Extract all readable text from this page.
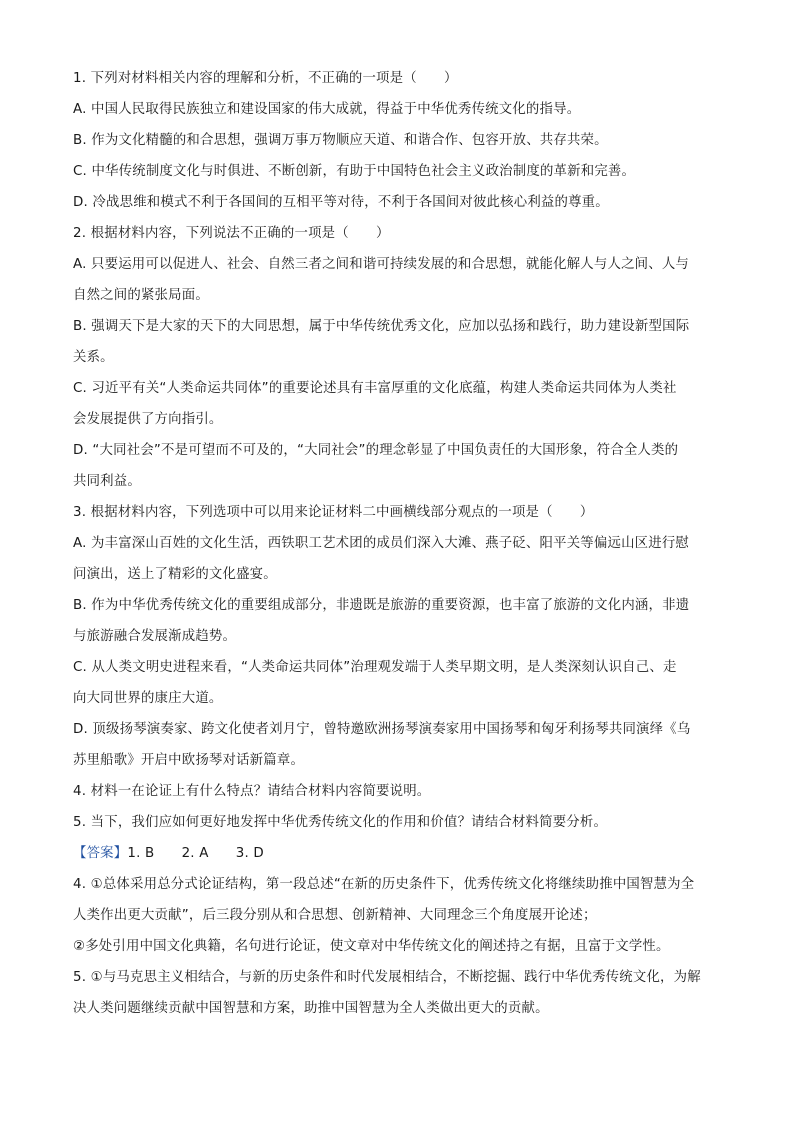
1. 下列对材料相关内容的理解和分析，不正确的一项是（　　）
A. 中国人民取得民族独立和建设国家的伟大成就，得益于中华优秀传统文化的指导。
B. 作为文化精髓的和合思想，强调万事万物顺应天道、和谐合作、包容开放、共存共荣。
C. 中华传统制度文化与时俱进、不断创新，有助于中国特色社会主义政治制度的革新和完善。
D. 冷战思维和模式不利于各国间的互相平等对待，不利于各国间对彼此核心利益的尊重。
2. 根据材料内容，下列说法不正确的一项是（　　）
A. 只要运用可以促进人、社会、自然三者之间和谐可持续发展的和合思想，就能化解人与人之间、人与
自然之间的紧张局面。
B. 强调天下是大家的天下的大同思想，属于中华传统优秀文化，应加以弘扬和践行，助力建设新型国际
关系。
C. 习近平有关“人类命运共同体”的重要论述具有丰富厚重的文化底蕴，构建人类命运共同体为人类社
会发展提供了方向指引。
D. “大同社会”不是可望而不可及的，“大同社会”的理念彰显了中国负责任的大国形象，符合全人类的
共同利益。
3. 根据材料内容，下列选项中可以用来论证材料二中画横线部分观点的一项是（　　）
A. 为丰富深山百姓的文化生活，西铁职工艺术团的成员们深入大滩、燕子砭、阳平关等偏远山区进行慰
问演出，送上了精彩的文化盛宴。
B. 作为中华优秀传统文化的重要组成部分，非遗既是旅游的重要资源，也丰富了旅游的文化内涵，非遗
与旅游融合发展渐成趋势。
C. 从人类文明史进程来看，“人类命运共同体”治理观发端于人类早期文明，是人类深刻认识自己、走
向大同世界的康庄大道。
D. 顶级扬琴演奏家、跨文化使者刘月宁，曾特邀欧洲扬琴演奏家用中国扬琴和匈牙利扬琴共同演绎《乌
苏里船歌》开启中欧扬琴对话新篇章。
4. 材料一在论证上有什么特点？请结合材料内容简要说明。
5. 当下，我们应如何更好地发挥中华优秀传统文化的作用和价值？请结合材料简要分析。
【答案】1. B　　2. A　　3. D
4. ①总体采用总分式论证结构，第一段总述“在新的历史条件下，优秀传统文化将继续助推中国智慧为全
人类作出更大贡献”，后三段分别从和合思想、创新精神、大同理念三个角度展开论述；
②多处引用中国文化典籍，名句进行论证，使文章对中华传统文化的阐述持之有据，且富于文学性。
5. ①与马克思主义相结合，与新的历史条件和时代发展相结合，不断挖掘、践行中华优秀传统文化，为解
决人类问题继续贡献中国智慧和方案，助推中国智慧为全人类做出更大的贡献。
